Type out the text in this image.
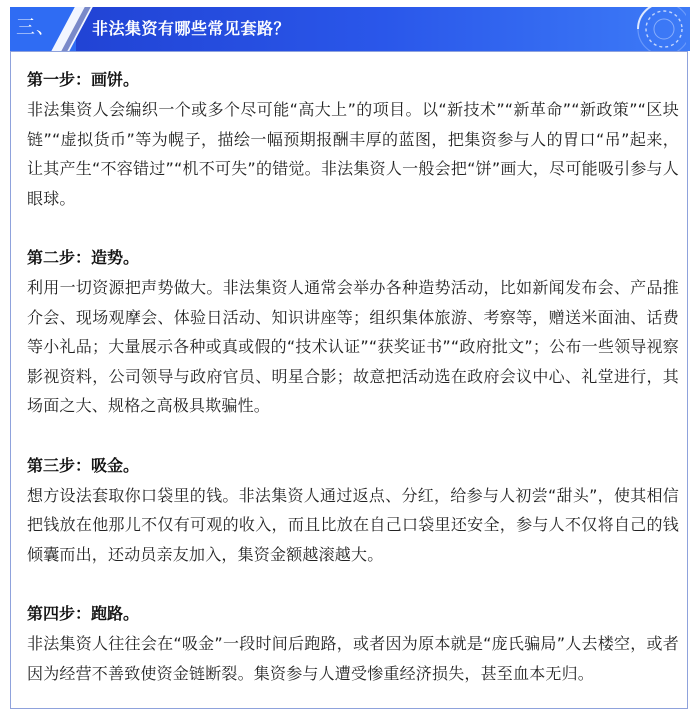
三、 非法集资有哪些常见套路？

第一步：画饼。

非法集资人会编织一个或多个尽可能“高大上”的项目。以“新技术”“新革命”“新政策”“区块链”“虚拟货币”等为幌子，描绘一幅预期报酬丰厚的蓝图，把集资参与人的胃口“吊”起来，让其产生“不容错过”“机不可失”的错觉。非法集资人一般会把“饼”画大，尽可能吸引参与人眼球。

第二步：造势。

利用一切资源把声势做大。非法集资人通常会举办各种造势活动，比如新闻发布会、产品推介会、现场观摩会、体验日活动、知识讲座等；组织集体旅游、考察等，赠送米面油、话费等小礼品；大量展示各种或真或假的“技术认证”“获奖证书”“政府批文”；公布一些领导视察影视资料，公司领导与政府官员、明星合影；故意把活动选在政府会议中心、礼堂进行，其场面之大、规格之高极具欺骗性。

第三步：吸金。

想方设法套取你口袋里的钱。非法集资人通过返点、分红，给参与人初尝“甜头”，使其相信把钱放在他那儿不仅有可观的收入，而且比放在自己口袋里还安全，参与人不仅将自己的钱倾囊而出，还动员亲友加入，集资金额越滚越大。

第四步：跑路。

非法集资人往往会在“吸金”一段时间后跑路，或者因为原本就是“庞氏骗局”人去楼空，或者因为经营不善致使资金链断裂。集资参与人遭受惨重经济损失，甚至血本无归。
